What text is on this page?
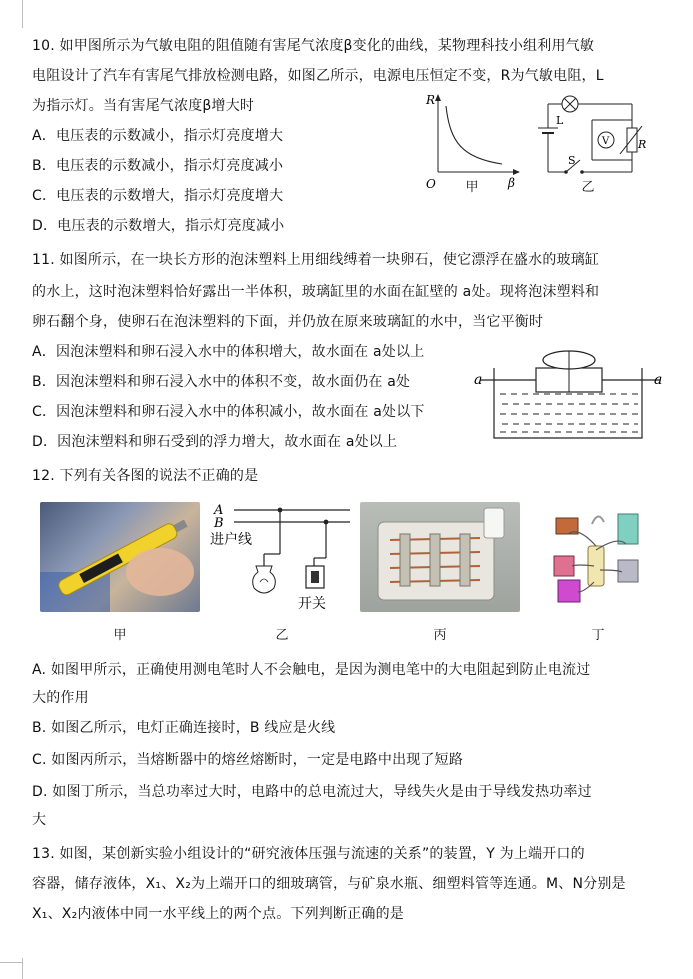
10. 如甲图所示为气敏电阻的阻值随有害尾气浓度β变化的曲线，某物理科技小组利用气敏
电阻设计了汽车有害尾气排放检测电路，如图乙所示，电源电压恒定不变，R为气敏电阻，L
为指示灯。当有害尾气浓度β增大时
A．电压表的示数减小，指示灯亮度增大
B．电压表的示数减小，指示灯亮度减小
C．电压表的示数增大，指示灯亮度增大
D．电压表的示数增大，指示灯亮度减小
R
β
O	甲
L
V	R
S
乙
11. 如图所示，在一块长方形的泡沫塑料上用细线缚着一块卵石，使它漂浮在盛水的玻璃缸
的水上，这时泡沫塑料恰好露出一半体积，玻璃缸里的水面在缸壁的 a处。现将泡沫塑料和
卵石翻个身，使卵石在泡沫塑料的下面，并仍放在原来玻璃缸的水中，当它平衡时
A．因泡沫塑料和卵石浸入水中的体积增大，故水面在 a处以上
B．因泡沫塑料和卵石浸入水中的体积不变，故水面仍在 a处
C．因泡沫塑料和卵石浸入水中的体积减小，故水面在 a处以下
D．因泡沫塑料和卵石受到的浮力增大，故水面在 a处以上
a	a
12. 下列有关各图的说法不正确的是
甲
A
B
进户线
开关
乙	丙	丁
A. 如图甲所示，正确使用测电笔时人不会触电，是因为测电笔中的大电阻起到防止电流过
大的作用
B. 如图乙所示，电灯正确连接时，B 线应是火线
C. 如图丙所示，当熔断器中的熔丝熔断时，一定是电路中出现了短路
D. 如图丁所示，当总功率过大时，电路中的总电流过大，导线失火是由于导线发热功率过
大
13. 如图，某创新实验小组设计的“研究液体压强与流速的关系”的装置，Y 为上端开口的
容器，储存液体，X₁、X₂为上端开口的细玻璃管，与矿泉水瓶、细塑料管等连通。M、N分别是
X₁、X₂内液体中同一水平线上的两个点。下列判断正确的是
